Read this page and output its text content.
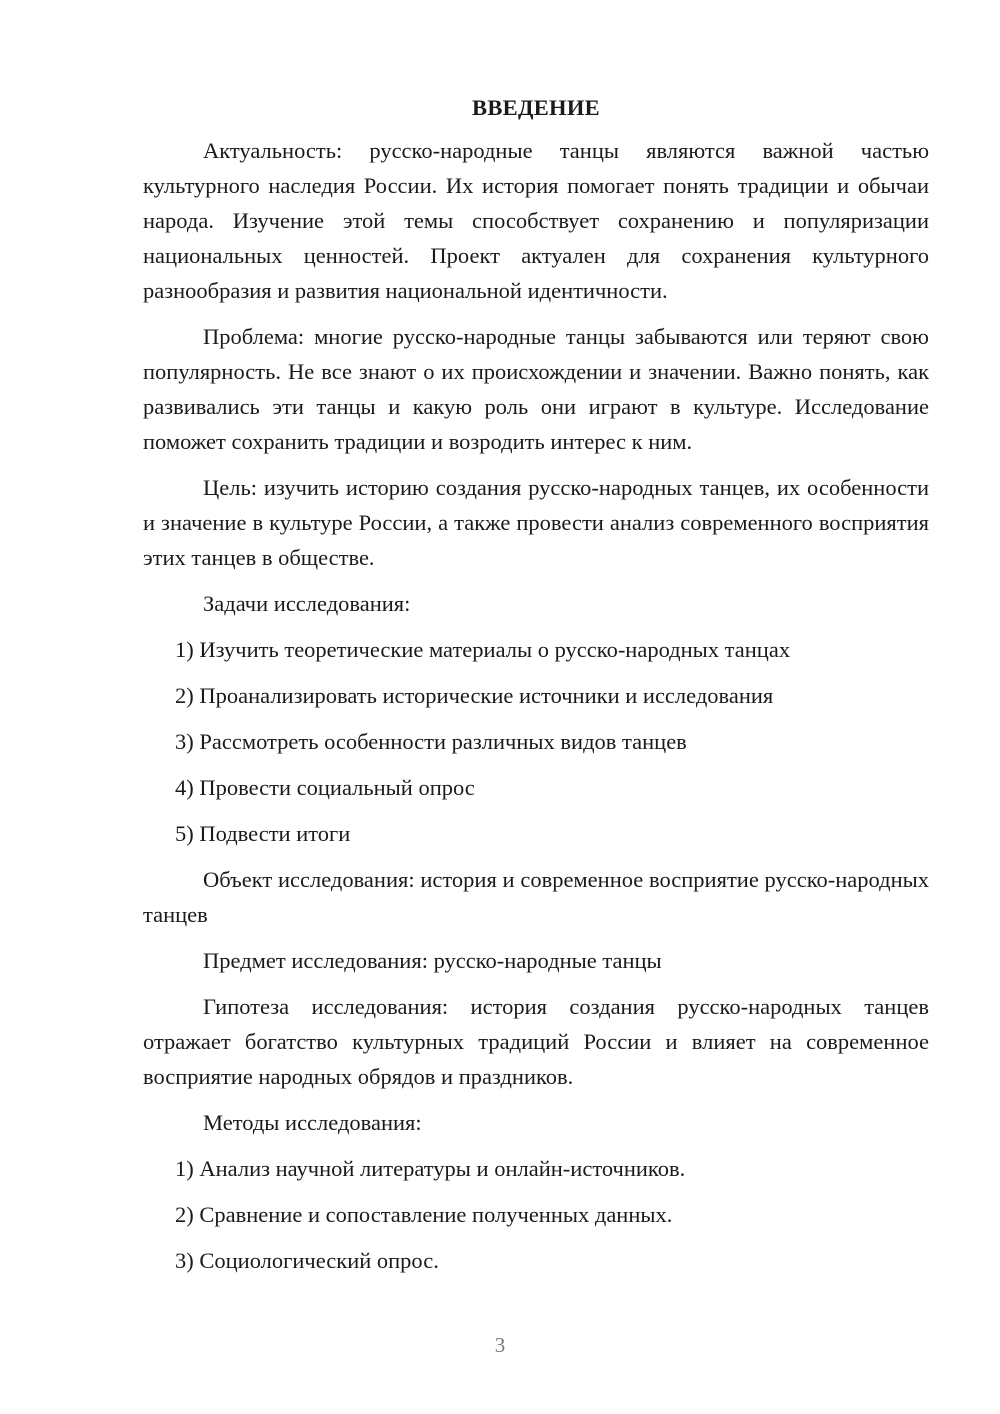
ВВЕДЕНИЕ

Актуальность: русско-народные танцы являются важной частью культурного наследия России. Их история помогает понять традиции и обычаи народа. Изучение этой темы способствует сохранению и популяризации национальных ценностей. Проект актуален для сохранения культурного разнообразия и развития национальной идентичности.

Проблема: многие русско-народные танцы забываются или теряют свою популярность. Не все знают о их происхождении и значении. Важно понять, как развивались эти танцы и какую роль они играют в культуре. Исследование поможет сохранить традиции и возродить интерес к ним.

Цель: изучить историю создания русско-народных танцев, их особенности и значение в культуре России, а также провести анализ современного восприятия этих танцев в обществе.

Задачи исследования:

1) Изучить теоретические материалы о русско-народных танцах

2) Проанализировать исторические источники и исследования

3) Рассмотреть особенности различных видов танцев

4) Провести социальный опрос

5) Подвести итоги

Объект исследования: история и современное восприятие русско-народных танцев

Предмет исследования: русско-народные танцы

Гипотеза исследования: история создания русско-народных танцев отражает богатство культурных традиций России и влияет на современное восприятие народных обрядов и праздников.

Методы исследования:

1) Анализ научной литературы и онлайн-источников.

2) Сравнение и сопоставление полученных данных.

3) Социологический опрос.

3
